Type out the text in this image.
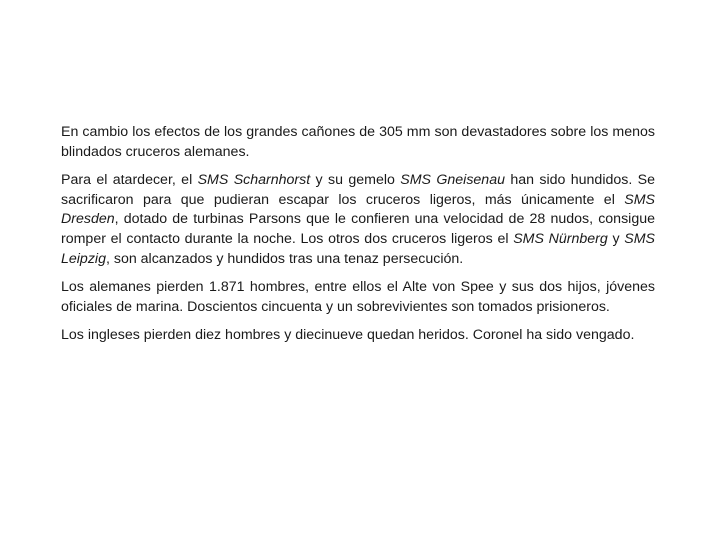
En cambio los efectos de los grandes cañones de 305 mm son devastadores sobre los menos blindados cruceros alemanes.

Para el atardecer, el SMS Scharnhorst y su gemelo SMS Gneisenau han sido hundidos. Se sacrificaron para que pudieran escapar los cruceros ligeros, más únicamente el SMS Dresden, dotado de turbinas Parsons que le confieren una velocidad de 28 nudos, consigue romper el contacto durante la noche. Los otros dos cruceros ligeros el SMS Nürnberg y SMS Leipzig, son alcanzados y hundidos tras una tenaz persecución.

Los alemanes pierden 1.871 hombres, entre ellos el Alte von Spee y sus dos hijos, jóvenes oficiales de marina. Doscientos cincuenta y un sobrevivientes son tomados prisioneros.

Los ingleses pierden diez hombres y diecinueve quedan heridos. Coronel ha sido vengado.
